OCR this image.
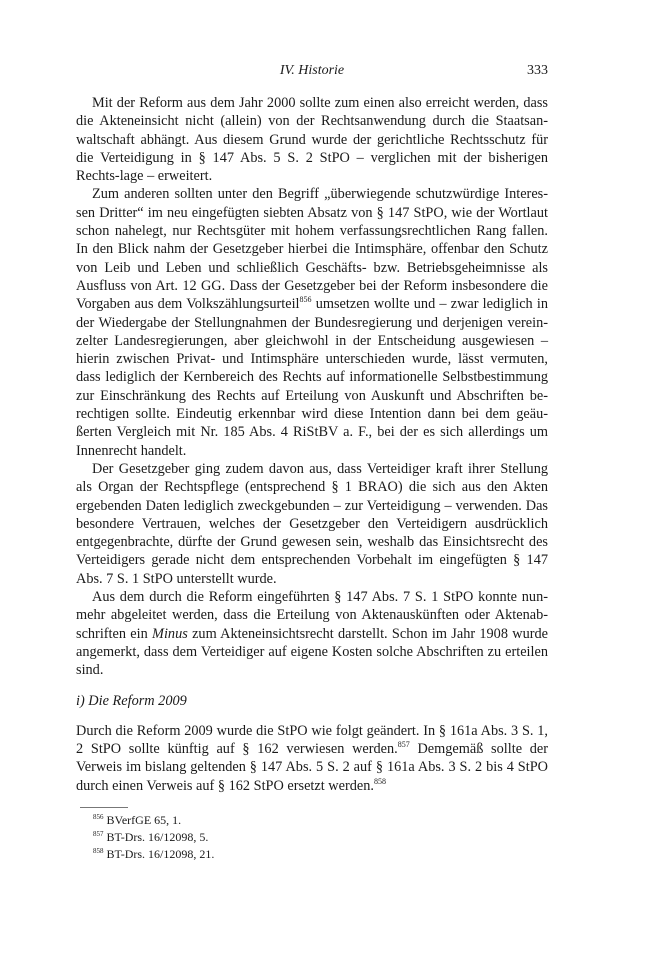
IV. Historie	333

Mit der Reform aus dem Jahr 2000 sollte zum einen also erreicht werden, dass die Akteneinsicht nicht (allein) von der Rechtsanwendung durch die Staatsan-waltschaft abhängt. Aus diesem Grund wurde der gerichtliche Rechtsschutz für die Verteidigung in § 147 Abs. 5 S. 2 StPO – verglichen mit der bisherigen Rechts-lage – erweitert.

Zum anderen sollten unter den Begriff „überwiegende schutzwürdige Interes-sen Dritter“ im neu eingefügten siebten Absatz von § 147 StPO, wie der Wortlaut schon nahelegt, nur Rechtsgüter mit hohem verfassungsrechtlichen Rang fallen. In den Blick nahm der Gesetzgeber hierbei die Intimsphäre, offenbar den Schutz von Leib und Leben und schließlich Geschäfts- bzw. Betriebsgeheimnisse als Ausfluss von Art. 12 GG. Dass der Gesetzgeber bei der Reform insbesondere die Vorgaben aus dem Volkszählungsurteil$^{856}$ umsetzen wollte und – zwar lediglich in der Wiedergabe der Stellungnahmen der Bundesregierung und derjenigen verein-zelter Landesregierungen, aber gleichwohl in der Entscheidung ausgewiesen – hierin zwischen Privat- und Intimsphäre unterschieden wurde, lässt vermuten, dass lediglich der Kernbereich des Rechts auf informationelle Selbstbestimmung zur Einschränkung des Rechts auf Erteilung von Auskunft und Abschriften be-rechtigen sollte. Eindeutig erkennbar wird diese Intention dann bei dem geäu-ßerten Vergleich mit Nr. 185 Abs. 4 RiStBV a. F., bei der es sich allerdings um Innenrecht handelt.

Der Gesetzgeber ging zudem davon aus, dass Verteidiger kraft ihrer Stellung als Organ der Rechtspflege (entsprechend § 1 BRAO) die sich aus den Akten ergebenden Daten lediglich zweckgebunden – zur Verteidigung – verwenden. Das besondere Vertrauen, welches der Gesetzgeber den Verteidigern ausdrücklich entgegenbrachte, dürfte der Grund gewesen sein, weshalb das Einsichtsrecht des Verteidigers gerade nicht dem entsprechenden Vorbehalt im eingefügten § 147 Abs. 7 S. 1 StPO unterstellt wurde.

Aus dem durch die Reform eingeführten § 147 Abs. 7 S. 1 StPO konnte nun-mehr abgeleitet werden, dass die Erteilung von Aktenauskünften oder Aktenab-schriften ein Minus zum Akteneinsichtsrecht darstellt. Schon im Jahr 1908 wurde angemerkt, dass dem Verteidiger auf eigene Kosten solche Abschriften zu erteilen sind.

i) Die Reform 2009

Durch die Reform 2009 wurde die StPO wie folgt geändert. In § 161a Abs. 3 S. 1, 2 StPO sollte künftig auf § 162 verwiesen werden.$^{857}$ Demgemäß sollte der Verweis im bislang geltenden § 147 Abs. 5 S. 2 auf § 161a Abs. 3 S. 2 bis 4 StPO durch einen Verweis auf § 162 StPO ersetzt werden.$^{858}$

$^{856}$ BVerfGE 65, 1.
$^{857}$ BT-Drs. 16/12098, 5.
$^{858}$ BT-Drs. 16/12098, 21.
